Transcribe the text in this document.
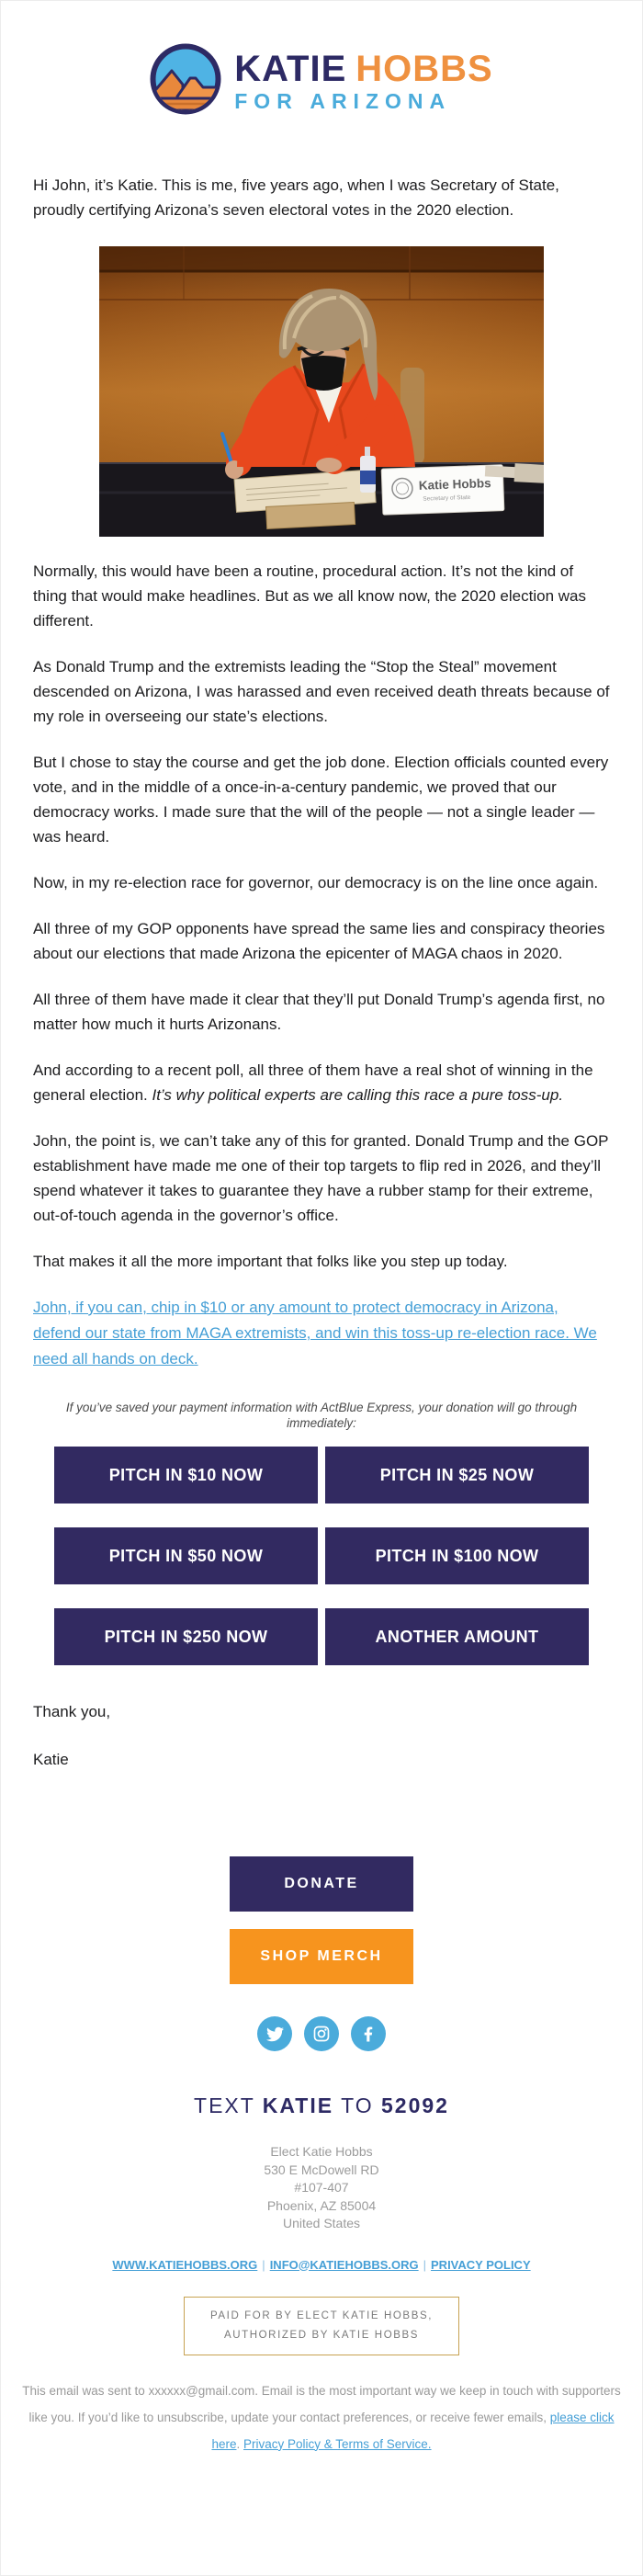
KATIE HOBBS
FOR ARIZONA

Hi John, it’s Katie. This is me, five years ago, when I was Secretary of State, proudly certifying Arizona’s seven electoral votes in the 2020 election.

Katie Hobbs
Secretary of State

Normally, this would have been a routine, procedural action. It’s not the kind of thing that would make headlines. But as we all know now, the 2020 election was different.

As Donald Trump and the extremists leading the “Stop the Steal” movement descended on Arizona, I was harassed and even received death threats because of my role in overseeing our state’s elections.

But I chose to stay the course and get the job done. Election officials counted every vote, and in the middle of a once-in-a-century pandemic, we proved that our democracy works. I made sure that the will of the people — not a single leader — was heard.

Now, in my re-election race for governor, our democracy is on the line once again.

All three of my GOP opponents have spread the same lies and conspiracy theories about our elections that made Arizona the epicenter of MAGA chaos in 2020.

All three of them have made it clear that they’ll put Donald Trump’s agenda first, no matter how much it hurts Arizonans.

And according to a recent poll, all three of them have a real shot of winning in the general election. It’s why political experts are calling this race a pure toss-up.

John, the point is, we can’t take any of this for granted. Donald Trump and the GOP establishment have made me one of their top targets to flip red in 2026, and they’ll spend whatever it takes to guarantee they have a rubber stamp for their extreme, out-of-touch agenda in the governor’s office.

That makes it all the more important that folks like you step up today.

John, if you can, chip in $10 or any amount to protect democracy in Arizona, defend our state from MAGA extremists, and win this toss-up re-election race. We need all hands on deck.

If you’ve saved your payment information with ActBlue Express, your donation will go through immediately:

PITCH IN $10 NOW	PITCH IN $25 NOW
PITCH IN $50 NOW	PITCH IN $100 NOW
PITCH IN $250 NOW	ANOTHER AMOUNT

Thank you,

Katie

DONATE
SHOP MERCH
TEXT KATIE TO 52092
Elect Katie Hobbs
530 E McDowell RD
#107-407
Phoenix, AZ 85004
United States
WWW.KATIEHOBBS.ORG | INFO@KATIEHOBBS.ORG | PRIVACY POLICY
PAID FOR BY ELECT KATIE HOBBS,
AUTHORIZED BY KATIE HOBBS
This email was sent to xxxxxx@gmail.com. Email is the most important way we keep in touch with supporters like you. If you’d like to unsubscribe, update your contact preferences, or receive fewer emails, please click here. Privacy Policy & Terms of Service.
